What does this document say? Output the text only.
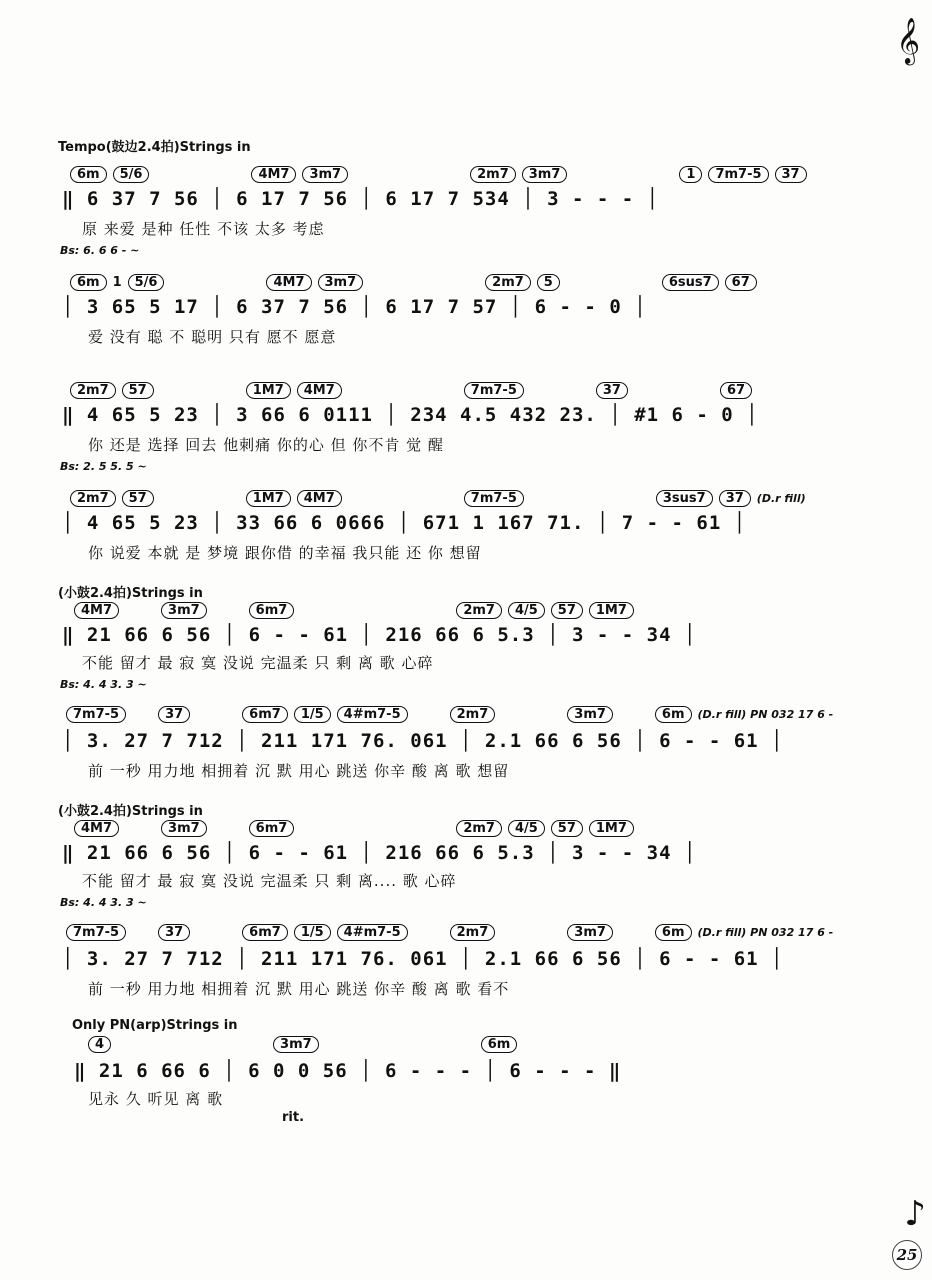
𝄞
Tempo(鼓边2.4拍)Strings in
6m	5/6	4M7	3m7	2m7	3m7	1	7m7-5	37
‖ 6 37 7 56 │ 6 17 7 56 │ 6 17 7 534 │ 3 - - - │
原 来爱 是种 任性 不该 太多 考虑
Bs: 6. 6 6 - ~
6m	1	5/6	4M7	3m7	2m7	5	6sus7	67
│ 3 65 5 17 │ 6 37 7 56 │ 6 17 7 57 │ 6 - - 0 │
爱 没有 聪 不 聪明 只有 愿不 愿意
2m7	57	1M7	4M7	7m7-5	37	67
‖ 4 65 5 23 │ 3 66 6 0111 │ 234 4.5 432 23. │ #1 6 - 0 │
你 还是 选择 回去 他刺痛 你的心 但 你不肯 觉 醒
Bs: 2. 5 5. 5 ~
2m7	57	1M7	4M7	7m7-5	3sus7	37	(D.r fill)
│ 4 65 5 23 │ 33 66 6 0666 │ 671 1 167 71. │ 7 - - 61 │
你 说爱 本就 是 梦境 跟你借 的幸福 我只能 还 你 想留
(小鼓2.4拍)Strings in
4M7	3m7	6m7	2m7	4/5	57	1M7
‖ 21 66 6 56 │ 6 - - 61 │ 216 66 6 5.3 │ 3 - - 34 │
不能 留才 最 寂 寞 没说 完温柔 只 剩 离 歌 心碎
Bs: 4. 4 3. 3 ~
7m7-5	37	6m7	1/5	4#m7-5	2m7	3m7	6m	(D.r fill) PN 032 17 6 -
│ 3. 27 7 712 │ 211 171 76. 061 │ 2.1 66 6 56 │ 6 - - 61 │
前 一秒 用力地 相拥着 沉 默 用心 跳送 你辛 酸 离 歌 想留
(小鼓2.4拍)Strings in
4M7	3m7	6m7	2m7	4/5	57	1M7
‖ 21 66 6 56 │ 6 - - 61 │ 216 66 6 5.3 │ 3 - - 34 │
不能 留才 最 寂 寞 没说 完温柔 只 剩 离.... 歌 心碎
Bs: 4. 4 3. 3 ~
7m7-5	37	6m7	1/5	4#m7-5	2m7	3m7	6m	(D.r fill) PN 032 17 6 -
│ 3. 27 7 712 │ 211 171 76. 061 │ 2.1 66 6 56 │ 6 - - 61 │
前 一秒 用力地 相拥着 沉 默 用心 跳送 你辛 酸 离 歌 看不
Only PN(arp)Strings in
4	3m7	6m
‖ 21 6 66 6 │ 6 0 0 56 │ 6 - - - │ 6 - - - ‖
见永 久 听见 离 歌
rit.
♪
25
